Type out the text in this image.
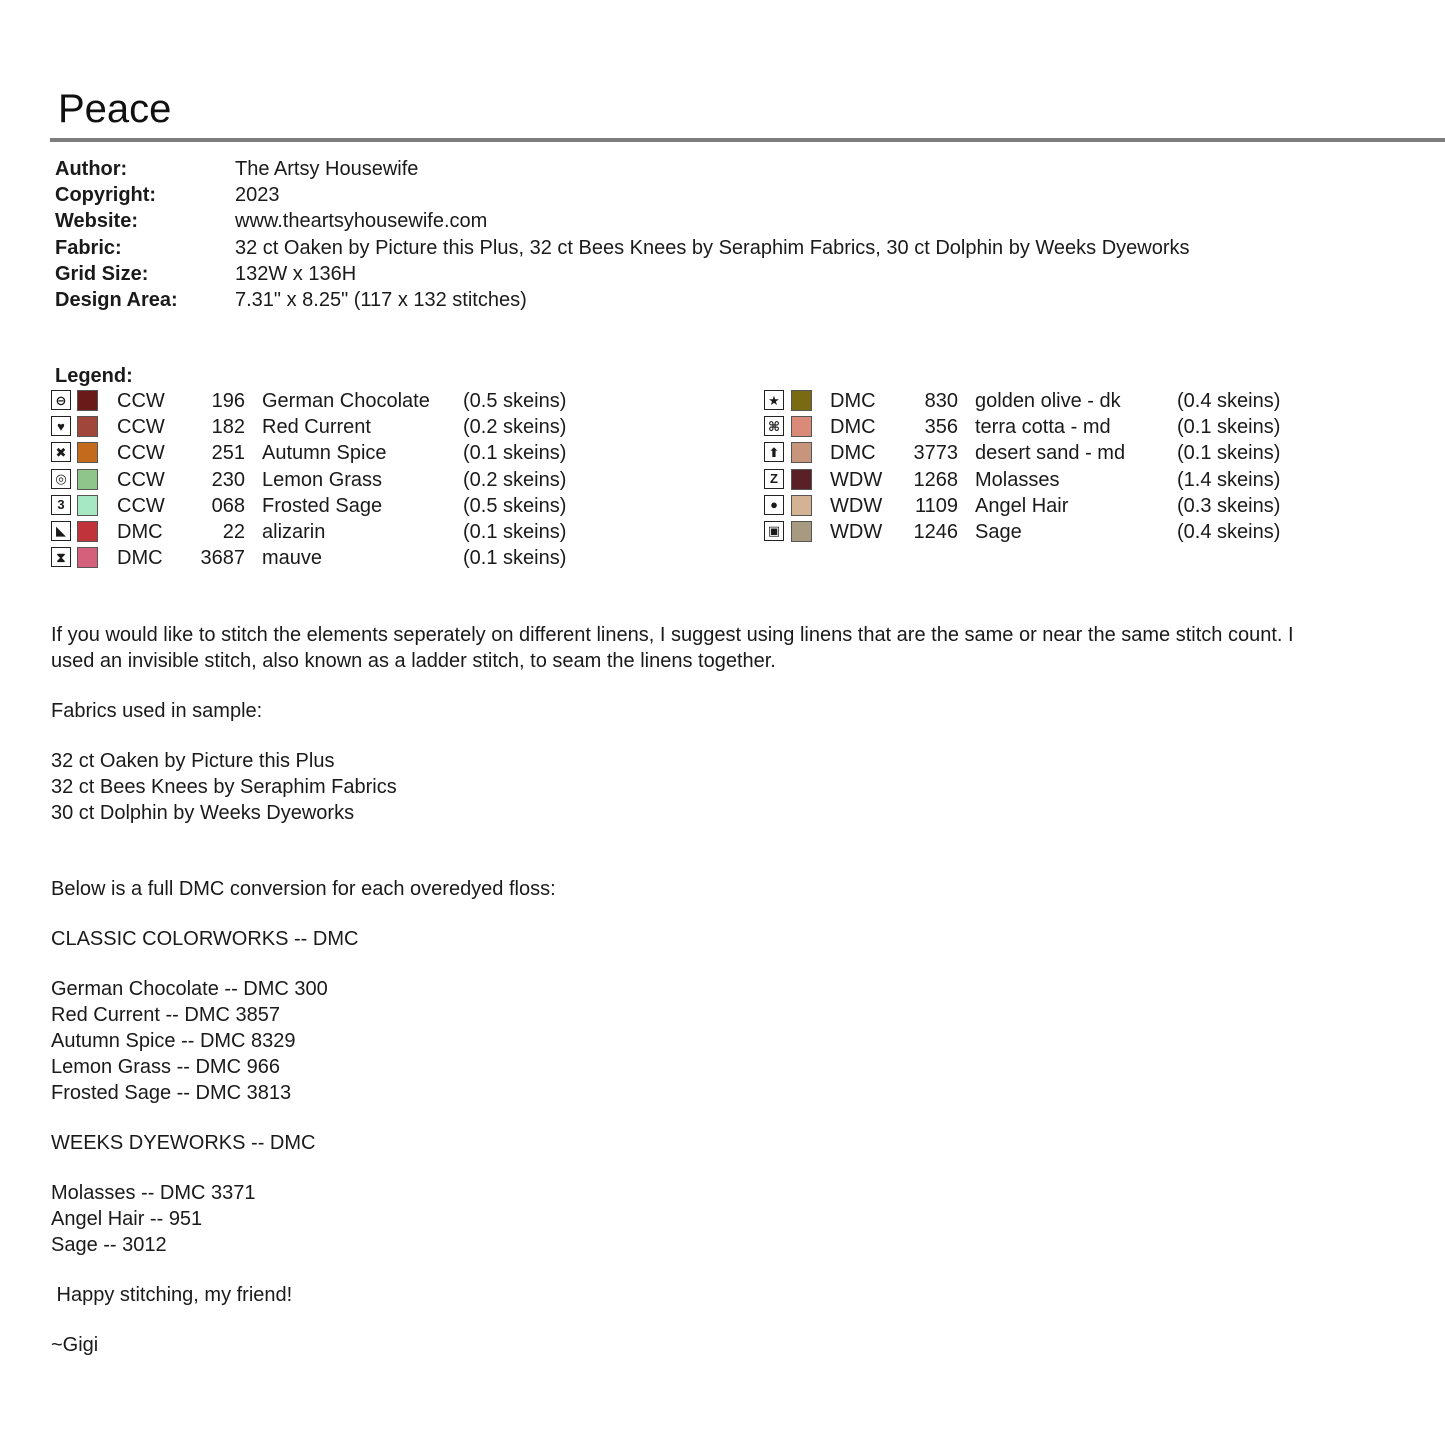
Peace
Author:	The Artsy Housewife
Copyright:	2023
Website:	www.theartsyhousewife.com
Fabric:	32 ct Oaken by Picture this Plus, 32 ct Bees Knees by Seraphim Fabrics, 30 ct Dolphin by Weeks Dyeworks
Grid Size:	132W x 136H
Design Area:	7.31" x 8.25" (117 x 132 stitches)
Legend:
⊖	CCW	196 German Chocolate (0.5 skeins)
♥	CCW	182 Red Current	(0.2 skeins)
✖	CCW	251 Autumn Spice	(0.1 skeins)
◎	CCW	230 Lemon Grass	(0.2 skeins)
3	CCW	068 Frosted Sage	(0.5 skeins)
◣	DMC	22 alizarin	(0.1 skeins)
⧗	DMC	3687 mauve	(0.1 skeins)
★	DMC	830 golden olive - dk	(0.4 skeins)
⌘ DMC	356 terra cotta - md	(0.1 skeins)
⬆	DMC	3773 desert sand - md	(0.1 skeins)
Z	WDW	1268 Molasses	(1.4 skeins)
●	WDW	1109 Angel Hair	(0.3 skeins)
▣ WDW	1246 Sage	(0.4 skeins)
If you would like to stitch the elements seperately on different linens, I suggest using linens that are the same or near the same stitch count. I
used an invisible stitch, also known as a ladder stitch, to seam the linens together.
Fabrics used in sample:
32 ct Oaken by Picture this Plus
32 ct Bees Knees by Seraphim Fabrics
30 ct Dolphin by Weeks Dyeworks
Below is a full DMC conversion for each overedyed floss:
CLASSIC COLORWORKS -- DMC
German Chocolate -- DMC 300
Red Current -- DMC 3857
Autumn Spice -- DMC 8329
Lemon Grass -- DMC 966
Frosted Sage -- DMC 3813
WEEKS DYEWORKS -- DMC
Molasses -- DMC 3371
Angel Hair -- 951
Sage -- 3012
Happy stitching, my friend!
~Gigi
